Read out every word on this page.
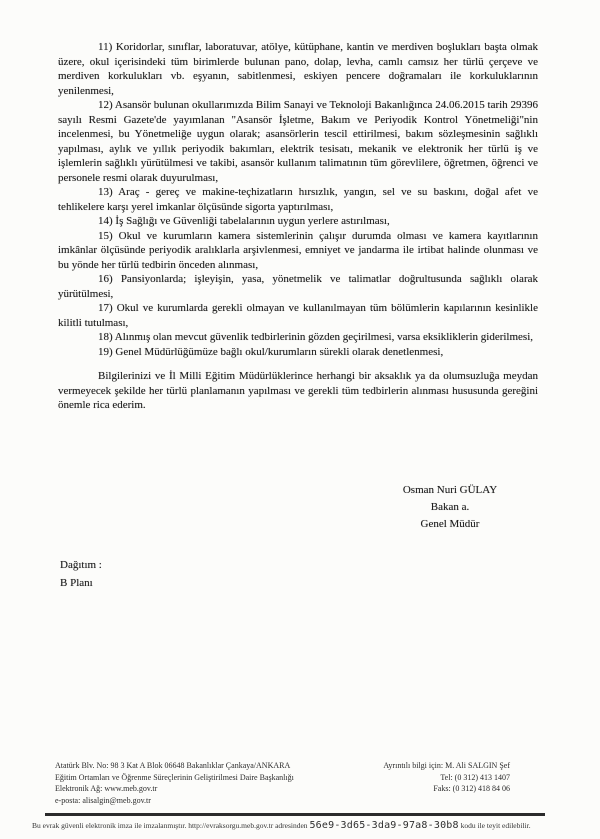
11) Koridorlar, sınıflar, laboratuvar, atölye, kütüphane, kantin ve merdiven boşlukları başta olmak üzere, okul içerisindeki tüm birimlerde bulunan pano, dolap, levha, camlı camsız her türlü çerçeve ve merdiven korkulukları vb. eşyanın, sabitlenmesi, eskiyen pencere doğramaları ile korkuluklarının yenilenmesi,

12) Asansör bulunan okullarımızda Bilim Sanayi ve Teknoloji Bakanlığınca 24.06.2015 tarih 29396 sayılı Resmi Gazete'de yayımlanan "Asansör İşletme, Bakım ve Periyodik Kontrol Yönetmeliği"nin incelenmesi, bu Yönetmeliğe uygun olarak; asansörlerin tescil ettirilmesi, bakım sözleşmesinin sağlıklı yapılması, aylık ve yıllık periyodik bakımları, elektrik tesisatı, mekanik ve elektronik her türlü iş ve işlemlerin sağlıklı yürütülmesi ve takibi, asansör kullanım talimatının tüm görevlilere, öğretmen, öğrenci ve personele resmi olarak duyurulması,

13) Araç - gereç ve makine-teçhizatların hırsızlık, yangın, sel ve su baskını, doğal afet ve tehlikelere karşı yerel imkanlar ölçüsünde sigorta yaptırılması,

14) İş Sağlığı ve Güvenliği tabelalarının uygun yerlere astırılması,

15) Okul ve kurumların kamera sistemlerinin çalışır durumda olması ve kamera kayıtlarının imkânlar ölçüsünde periyodik aralıklarla arşivlenmesi, emniyet ve jandarma ile irtibat halinde olunması ve bu yönde her türlü tedbirin önceden alınması,

16) Pansiyonlarda; işleyişin, yasa, yönetmelik ve talimatlar doğrultusunda sağlıklı olarak yürütülmesi,

17) Okul ve kurumlarda gerekli olmayan ve kullanılmayan tüm bölümlerin kapılarının kesinlikle kilitli tutulması,

18) Alınmış olan mevcut güvenlik tedbirlerinin gözden geçirilmesi, varsa eksikliklerin giderilmesi,

19) Genel Müdürlüğümüze bağlı okul/kurumların sürekli olarak denetlenmesi,

Bilgilerinizi ve İl Milli Eğitim Müdürlüklerince herhangi bir aksaklık ya da olumsuzluğa meydan vermeyecek şekilde her türlü planlamanın yapılması ve gerekli tüm tedbirlerin alınması hususunda gereğini önemle rica ederim.

Osman Nuri GÜLAY
Bakan a.
Genel Müdür
Dağıtım :
B Planı
Atatürk Blv. No: 98 3 Kat A Blok 06648 Bakanlıklar Çankaya/ANKARA
Eğitim Ortamları ve Öğrenme Süreçlerinin Geliştirilmesi Daire Başkanlığı
Elektronik Ağ: www.meb.gov.tr
e-posta: alisalgin@meb.gov.tr
Ayrıntılı bilgi için: M. Ali SALGIN Şef
Tel: (0 312) 413 1407
Faks: (0 312) 418 84 06
Bu evrak güvenli elektronik imza ile imzalanmıştır. http://evraksorgu.meb.gov.tr adresinden 56e9-3d65-3da9-97a8-30b8 kodu ile teyit edilebilir.
